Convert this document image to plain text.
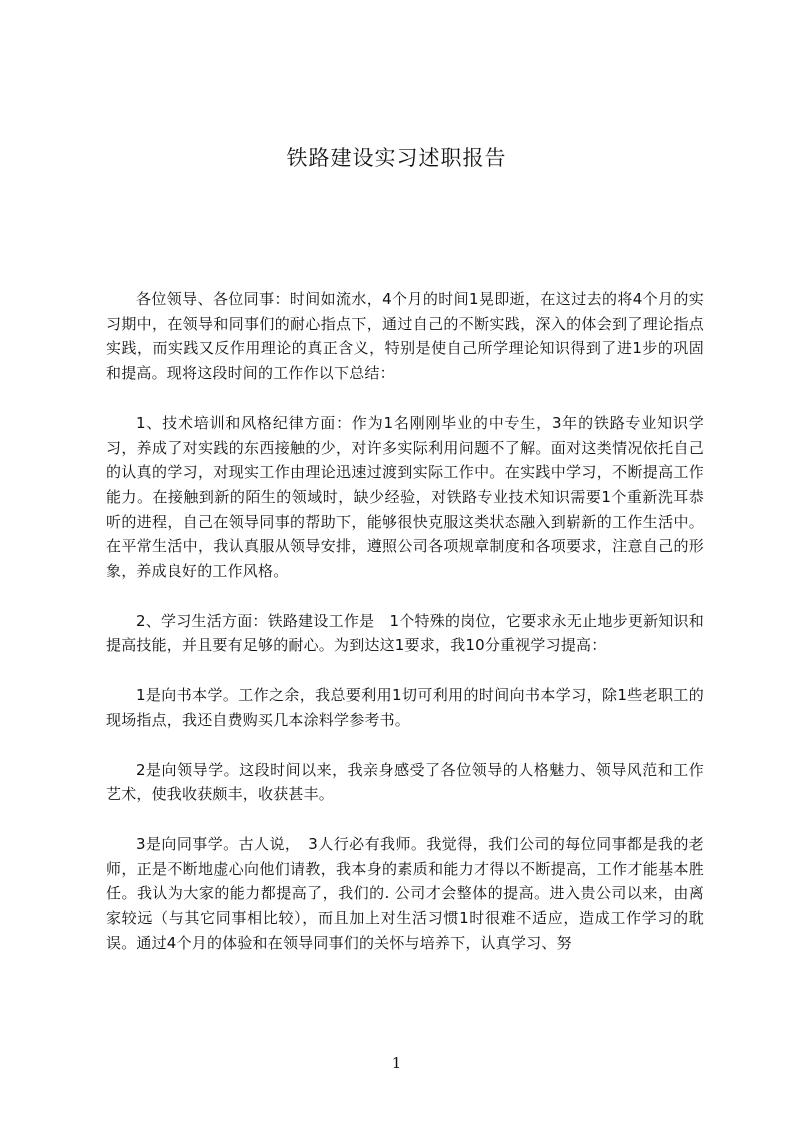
铁路建设实习述职报告

各位领导、各位同事：时间如流水，4个月的时间1晃即逝，在这过去的将4个月的实习期中，在领导和同事们的耐心指点下，通过自己的不断实践，深入的体会到了理论指点实践，而实践又反作用理论的真正含义，特别是使自己所学理论知识得到了进1步的巩固和提高。现将这段时间的工作作以下总结：

1、技术培训和风格纪律方面：作为1名刚刚毕业的中专生，3年的铁路专业知识学习，养成了对实践的东西接触的少，对许多实际利用问题不了解。面对这类情况依托自己的认真的学习，对现实工作由理论迅速过渡到实际工作中。在实践中学习，不断提高工作能力。在接触到新的陌生的领域时，缺少经验，对铁路专业技术知识需要1个重新洗耳恭听的进程，自己在领导同事的帮助下，能够很快克服这类状态融入到崭新的工作生活中。在平常生活中，我认真服从领导安排，遵照公司各项规章制度和各项要求，注意自己的形象，养成良好的工作风格。

2、学习生活方面：铁路建设工作是　1个特殊的岗位，它要求永无止地步更新知识和提高技能，并且要有足够的耐心。为到达这1要求，我10分重视学习提高：

1是向书本学。工作之余，我总要利用1切可利用的时间向书本学习，除1些老职工的现场指点，我还自费购买几本涂料学参考书。

2是向领导学。这段时间以来，我亲身感受了各位领导的人格魅力、领导风范和工作艺术，使我收获颇丰，收获甚丰。

3是向同事学。古人说，　3人行必有我师。我觉得，我们公司的每位同事都是我的老师，正是不断地虚心向他们请教，我本身的素质和能力才得以不断提高，工作才能基本胜任。我认为大家的能力都提高了，我们的. 公司才会整体的提高。进入贵公司以来，由离家较远（与其它同事相比较），而且加上对生活习惯1时很难不适应，造成工作学习的耽误。通过4个月的体验和在领导同事们的关怀与培养下，认真学习、努

1
